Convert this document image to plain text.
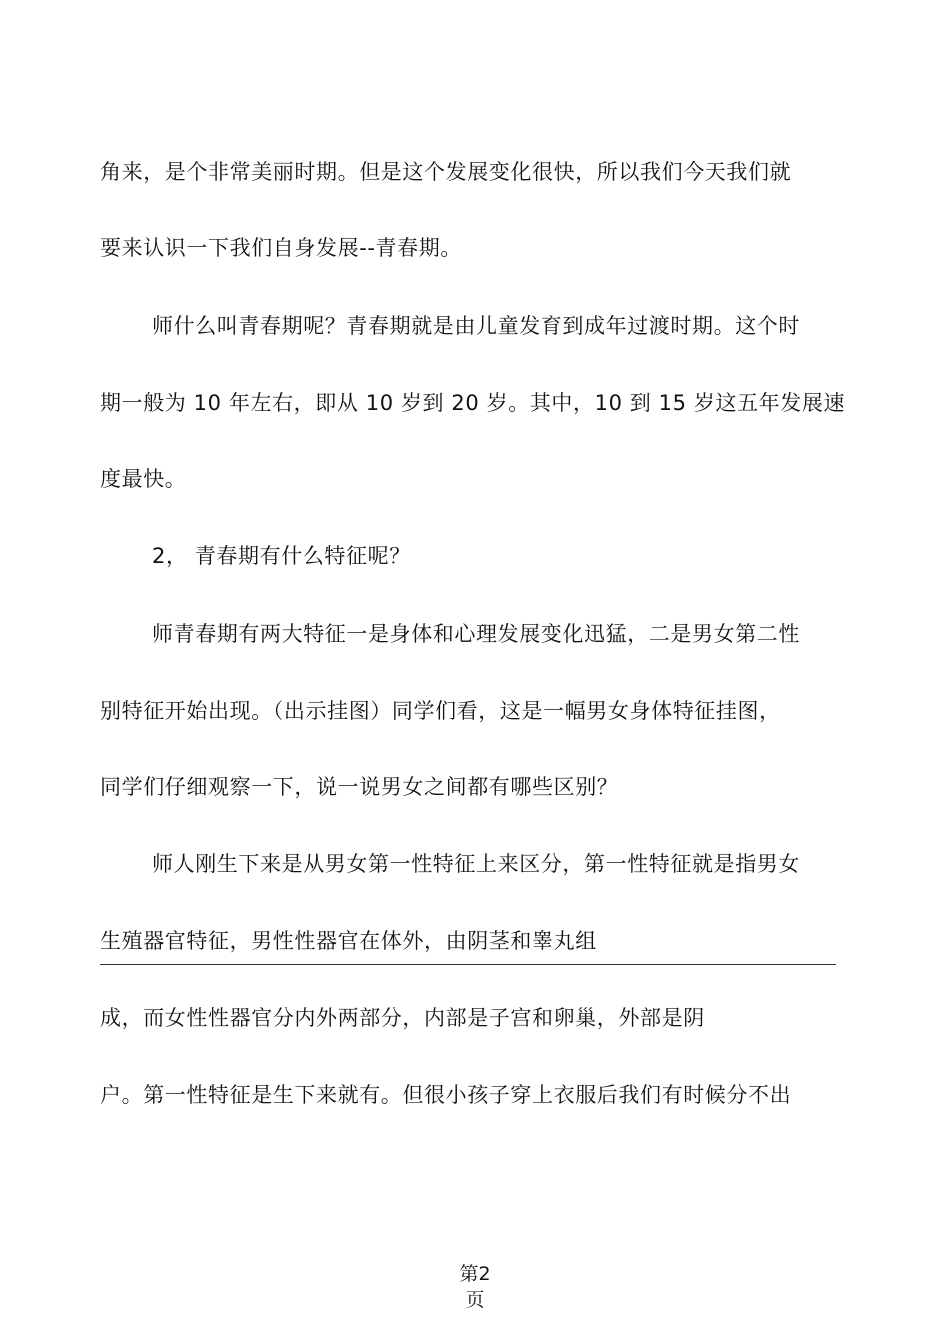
角来，是个非常美丽时期。但是这个发展变化很快，所以我们今天我们就
要来认识一下我们自身发展--青春期。
师什么叫青春期呢？青春期就是由儿童发育到成年过渡时期。这个时
期一般为 10 年左右，即从 10 岁到 20 岁。其中，10 到 15 岁这五年发展速
度最快。
2， 青春期有什么特征呢？
师青春期有两大特征一是身体和心理发展变化迅猛，二是男女第二性
别特征开始出现。（出示挂图）同学们看，这是一幅男女身体特征挂图，
同学们仔细观察一下，说一说男女之间都有哪些区别？
师人刚生下来是从男女第一性特征上来区分，第一性特征就是指男女
生殖器官特征，男性性器官在体外，由阴茎和睾丸组
成，而女性性器官分内外两部分，内部是子宫和卵巢，外部是阴
户。第一性特征是生下来就有。但很小孩子穿上衣服后我们有时候分不出
第2
页
